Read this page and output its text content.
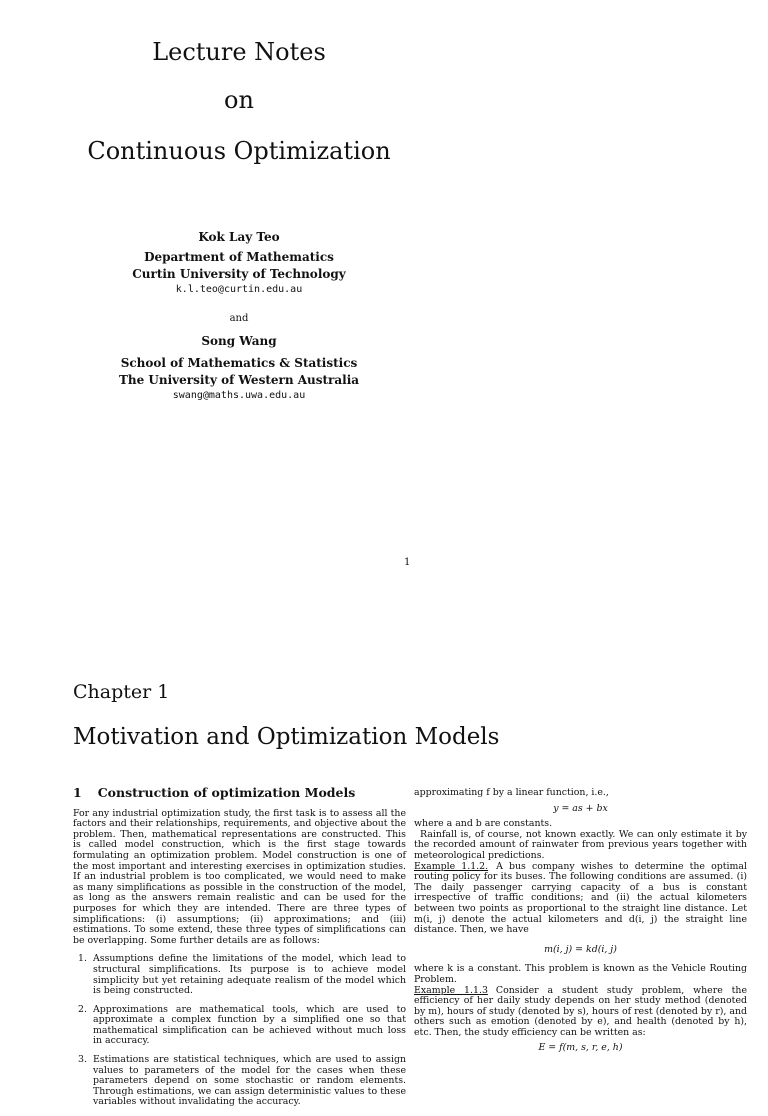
Lecture Notes
on
Continuous Optimization
Kok Lay Teo
Department of Mathematics
Curtin University of Technology
k.l.teo@curtin.edu.au
and
Song Wang
School of Mathematics & Statistics
The University of Western Australia
swang@maths.uwa.edu.au
1
Chapter 1
Motivation and Optimization Models
1 Construction of optimization Models

For any industrial optimization study, the first task is to assess all the factors and their relationships, requirements, and objective about the problem. Then, mathematical representations are constructed. This is called model construction, which is the first stage towards formulating an optimization problem. Model construction is one of the most important and interesting exercises in optimization studies. If an industrial problem is too complicated, we would need to make as many simplifications as possible in the construction of the model, as long as the answers remain realistic and can be used for the purposes for which they are intended. There are three types of simplifications: (i) assumptions; (ii) approximations; and (iii) estimations. To some extend, these three types of simplifications can be overlapping. Some further details are as follows:

1. Assumptions define the limitations of the model, which lead to structural simplifications. Its purpose is to achieve model simplicity but yet retaining adequate realism of the model which is being constructed.
2. Approximations are mathematical tools, which are used to approximate a complex function by a simplified one so that mathematical simplification can be achieved without much loss in accuracy.
3. Estimations are statistical techniques, which are used to assign values to parameters of the model for the cases when these parameters depend on some stochastic or random elements. Through estimations, we can assign deterministic values to these variables without invalidating the accuracy.

approximating f by a linear function, i.e.,

y = as + bx

where a and b are constants.

Rainfall is, of course, not known exactly. We can only estimate it by the recorded amount of rainwater from previous years together with meteorological predictions.

Example 1.1.2. A bus company wishes to determine the optimal routing policy for its buses. The following conditions are assumed. (i) The daily passenger carrying capacity of a bus is constant irrespective of traffic conditions; and (ii) the actual kilometers between two points as proportional to the straight line distance. Let m(i, j) denote the actual kilometers and d(i, j) the straight line distance. Then, we have

m(i, j) = kd(i, j)

where k is a constant. This problem is known as the Vehicle Routing Problem.

Example 1.1.3 Consider a student study problem, where the efficiency of her daily study depends on her study method (denoted by m), hours of study (denoted by s), hours of rest (denoted by r), and others such as emotion (denoted by e), and health (denoted by h), etc. Then, the study efficiency can be written as:

E = f(m, s, r, e, h)
